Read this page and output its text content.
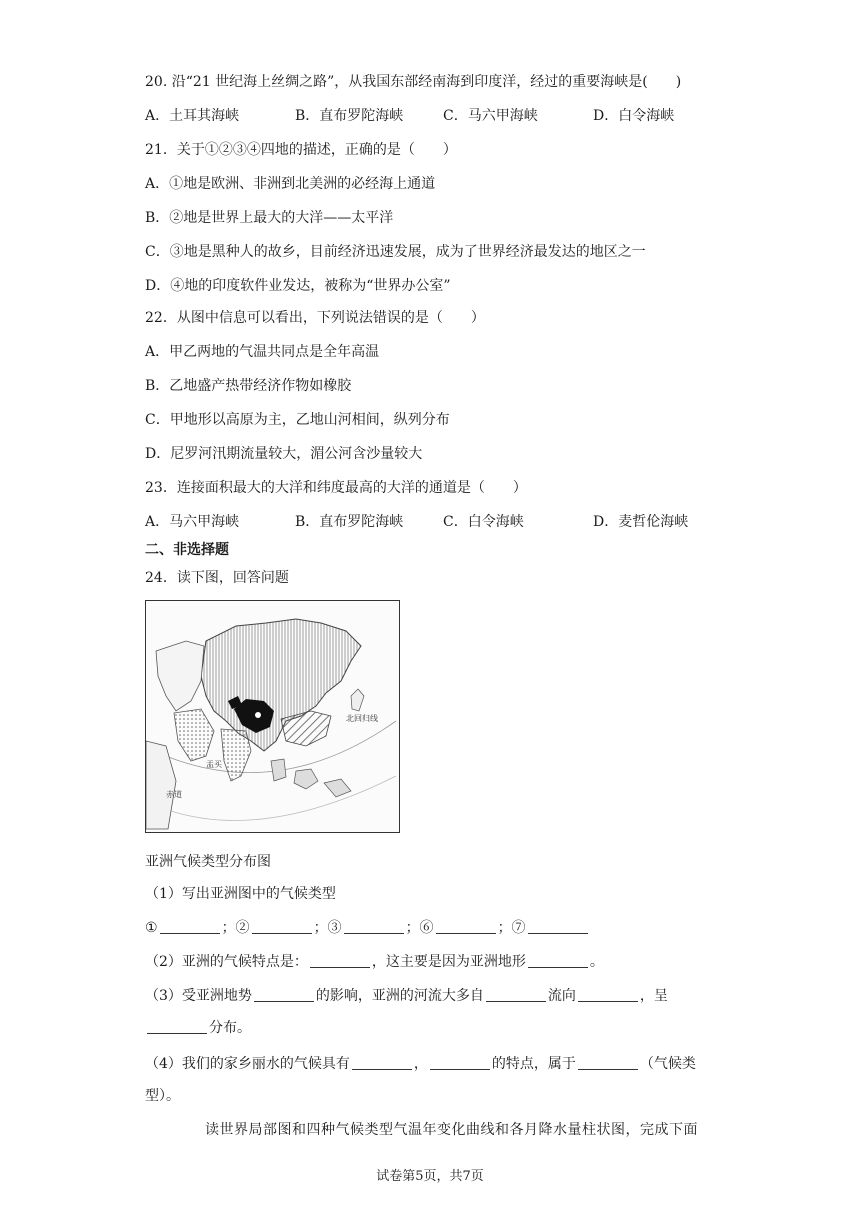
20. 沿“21 世纪海上丝绸之路”，从我国东部经南海到印度洋，经过的重要海峡是(　　)
A．土耳其海峡	B．直布罗陀海峡	C．马六甲海峡	D．白令海峡
21．关于①②③④四地的描述，正确的是（　　）
A．①地是欧洲、非洲到北美洲的必经海上通道
B．②地是世界上最大的大洋——太平洋
C．③地是黑种人的故乡，目前经济迅速发展，成为了世界经济最发达的地区之一
D．④地的印度软件业发达，被称为“世界办公室”
22．从图中信息可以看出，下列说法错误的是（　　）
A．甲乙两地的气温共同点是全年高温
B．乙地盛产热带经济作物如橡胶
C．甲地形以高原为主，乙地山河相间，纵列分布
D．尼罗河汛期流量较大，湄公河含沙量较大
23．连接面积最大的大洋和纬度最高的大洋的通道是（　　）
A．马六甲海峡	B．直布罗陀海峡	C．白令海峡	D．麦哲伦海峡
二、非选择题
24．读下图，回答问题
北回归线
盂买
赤道
亚洲气候类型分布图
（1）写出亚洲图中的气候类型
①	；②	；③	；⑥	；⑦
（2）亚洲的气候特点是：	，这主要是因为亚洲地形	。
（3）受亚洲地势	的影响，亚洲的河流大多自	流向	，呈
分布。
（4）我们的家乡丽水的气候具有	，	的特点，属于	（气候类
型）。
读世界局部图和四种气候类型气温年变化曲线和各月降水量柱状图，完成下面
试卷第5页，共7页
